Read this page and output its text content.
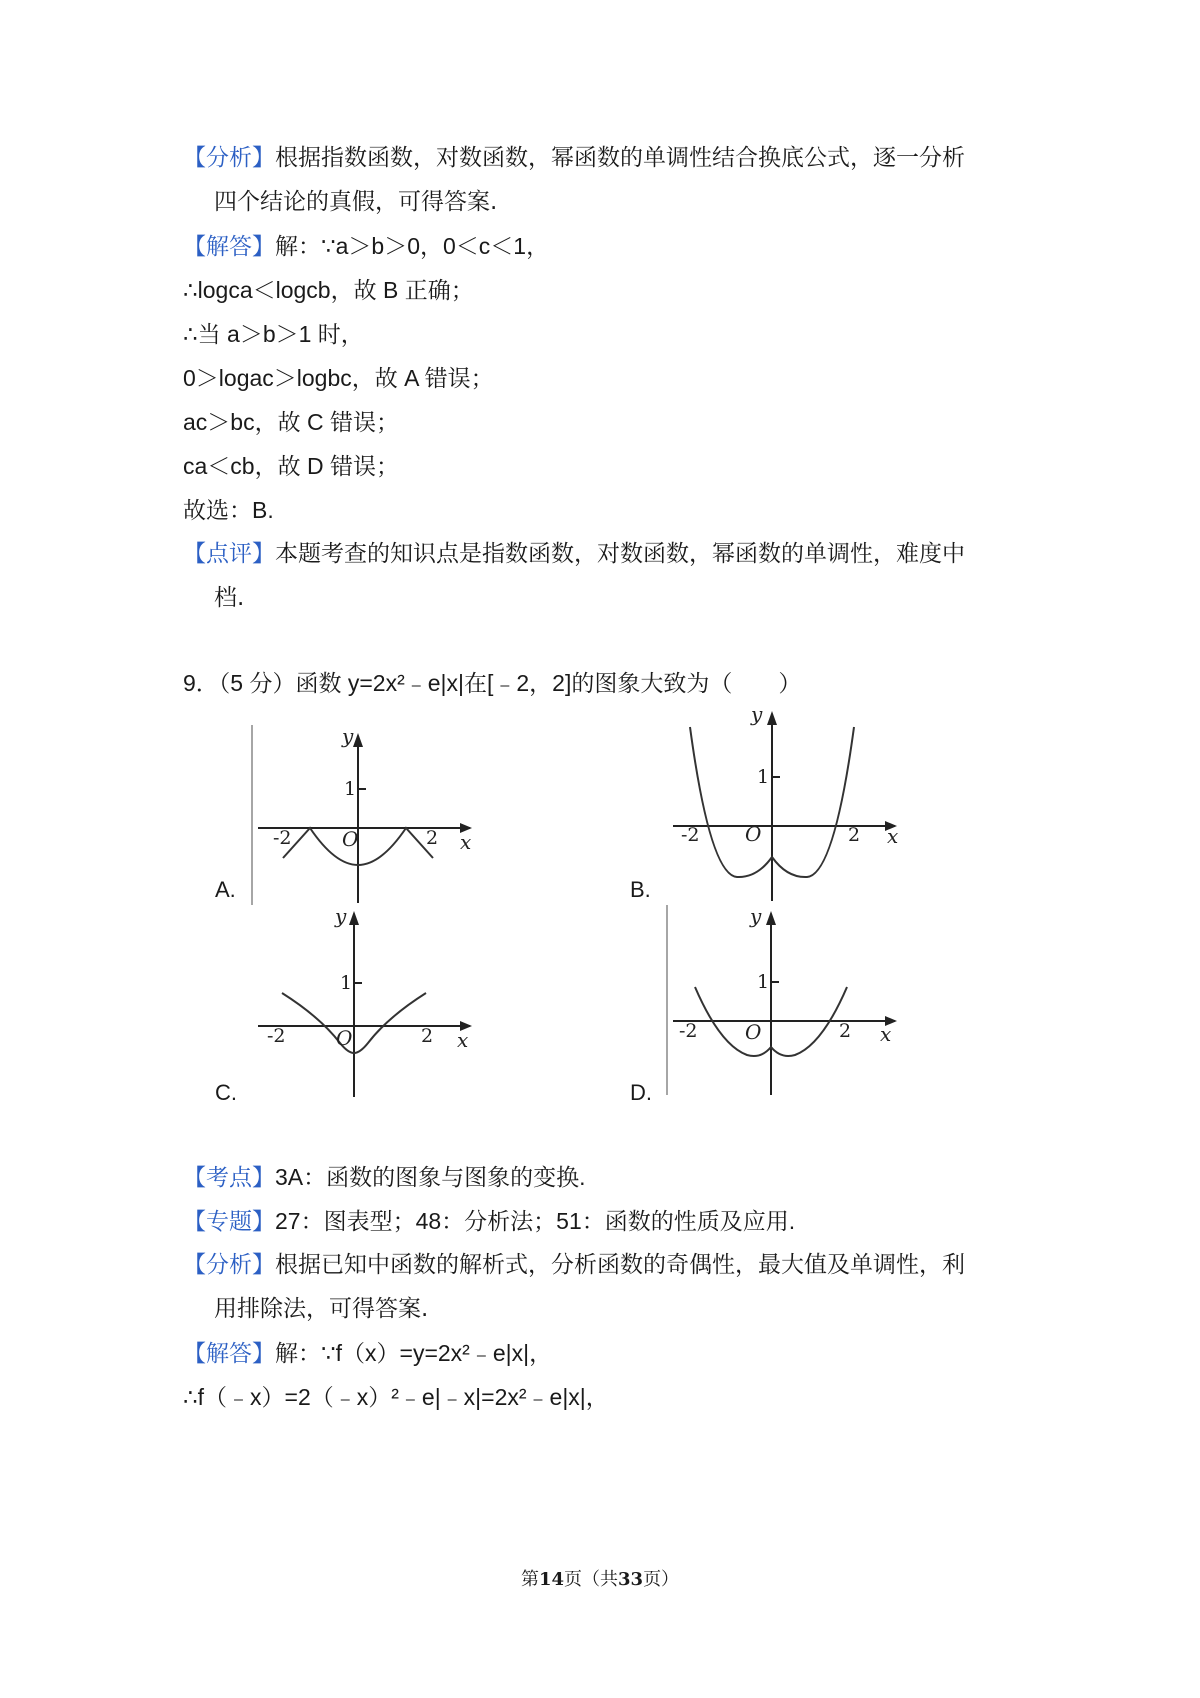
【分析】根据指数函数，对数函数，幂函数的单调性结合换底公式，逐一分析
四个结论的真假，可得答案.
【解答】解：∵a＞b＞0，0＜c＜1，
∴logca＜logcb，故 B 正确；
∴当 a＞b＞1 时，
0＞logac＞logbc，故 A 错误；
ac＞bc，故 C 错误；
ca＜cb，故 D 错误；
故选：B.
【点评】本题考查的知识点是指数函数，对数函数，幂函数的单调性，难度中
档.
9．（5 分）函数 y=2x²﹣e|x|在[﹣2，2]的图象大致为（　　）
A.
y
1
O
-2	2 x
B.
y
1
O
-2	2 x
C.
y
1
O
-2	2 x
D.
y
1
O
-2	2 x
【考点】3A：函数的图象与图象的变换.
【专题】27：图表型；48：分析法；51：函数的性质及应用.
【分析】根据已知中函数的解析式，分析函数的奇偶性，最大值及单调性，利
用排除法，可得答案.
【解答】解：∵f（x）=y=2x²﹣e|x|，
∴f（﹣x）=2（﹣x）²﹣e|﹣x|=2x²﹣e|x|，
第14页（共33页）
